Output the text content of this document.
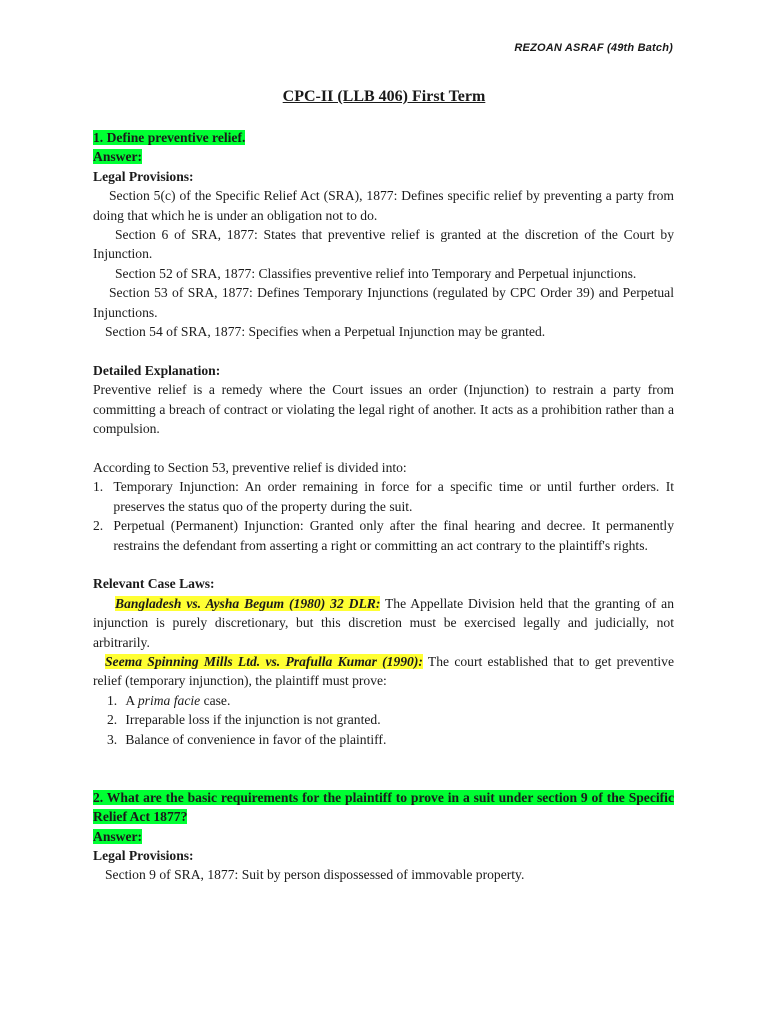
REZOAN ASRAF (49th Batch)
CPC-II (LLB 406) First Term

1. Define preventive relief.

Answer:

Legal Provisions:

Section 5(c) of the Specific Relief Act (SRA), 1877: Defines specific relief by preventing a party from doing that which he is under an obligation not to do.

Section 6 of SRA, 1877: States that preventive relief is granted at the discretion of the Court by Injunction.

Section 52 of SRA, 1877: Classifies preventive relief into Temporary and Perpetual injunctions.

Section 53 of SRA, 1877: Defines Temporary Injunctions (regulated by CPC Order 39) and Perpetual Injunctions.

Section 54 of SRA, 1877: Specifies when a Perpetual Injunction may be granted.

Detailed Explanation:

Preventive relief is a remedy where the Court issues an order (Injunction) to restrain a party from committing a breach of contract or violating the legal right of another. It acts as a prohibition rather than a compulsion.

According to Section 53, preventive relief is divided into:

1. Temporary Injunction: An order remaining in force for a specific time or until further orders. It preserves the status quo of the property during the suit.
2. Perpetual (Permanent) Injunction: Granted only after the final hearing and decree. It permanently restrains the defendant from asserting a right or committing an act contrary to the plaintiff's rights.

Relevant Case Laws:

Bangladesh vs. Aysha Begum (1980) 32 DLR: The Appellate Division held that the granting of an injunction is purely discretionary, but this discretion must be exercised legally and judicially, not arbitrarily.

Seema Spinning Mills Ltd. vs. Prafulla Kumar (1990): The court established that to get preventive relief (temporary injunction), the plaintiff must prove:

1.
A prima facie case.
2.
Irreparable loss if the injunction is not granted.
3.
Balance of convenience in favor of the plaintiff.

2. What are the basic requirements for the plaintiff to prove in a suit under section 9 of the Specific Relief Act 1877?

Answer:

Legal Provisions:

Section 9 of SRA, 1877: Suit by person dispossessed of immovable property.
